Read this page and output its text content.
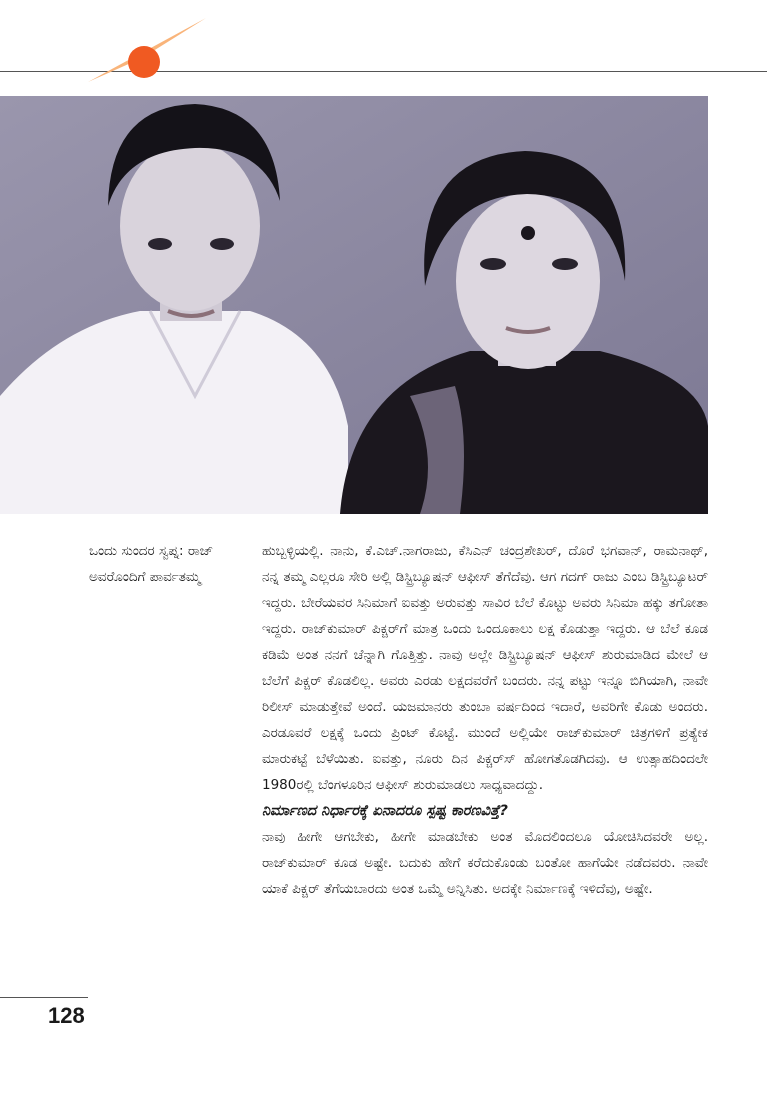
ಒಂದು ಸುಂದರ ಸ್ವಪ್ನ: ರಾಜ್ ಅವರೊಂದಿಗೆ ಪಾರ್ವತಮ್ಮ

ಹುಬ್ಬಳ್ಳಿಯಲ್ಲಿ. ನಾನು, ಕೆ.ಎಚ್.ನಾಗರಾಜು, ಕೆಸಿಎನ್ ಚಂದ್ರಶೇಖರ್, ದೊರೆ ಭಗವಾನ್, ರಾಮನಾಥ್, ನನ್ನ ತಮ್ಮ ಎಲ್ಲರೂ ಸೇರಿ ಅಲ್ಲಿ ಡಿಸ್ಟ್ರಿಬ್ಯೂಷನ್ ಆಫೀಸ್ ತೆಗೆದೆವು. ಆಗ ಗದಗ್ ರಾಜು ಎಂಬ ಡಿಸ್ಟ್ರಿಬ್ಯೂಟರ್ ಇದ್ದರು. ಬೇರೆಯವರ ಸಿನಿಮಾಗೆ ಐವತ್ತು ಅರುವತ್ತು ಸಾವಿರ ಬೆಲೆ ಕೊಟ್ಟು ಅವರು ಸಿನಿಮಾ ಹಕ್ಕು ತಗೋತಾ ಇದ್ದರು. ರಾಜ್‌ಕುಮಾರ್ ಪಿಕ್ಚರ್‌ಗೆ ಮಾತ್ರ ಒಂದು ಒಂದೂಕಾಲು ಲಕ್ಷ ಕೊಡುತ್ತಾ ಇದ್ದರು. ಆ ಬೆಲೆ ಕೂಡ ಕಡಿಮೆ ಅಂತ ನನಗೆ ಚೆನ್ನಾಗಿ ಗೊತ್ತಿತ್ತು. ನಾವು ಅಲ್ಲೇ ಡಿಸ್ಟ್ರಿಬ್ಯೂಷನ್ ಆಫೀಸ್ ಶುರುಮಾಡಿದ ಮೇಲೆ ಆ ಬೆಲೆಗೆ ಪಿಕ್ಚರ್ ಕೊಡಲಿಲ್ಲ. ಅವರು ಎರಡು ಲಕ್ಷದವರೆಗೆ ಬಂದರು. ನನ್ನ ಪಟ್ಟು ಇನ್ನೂ ಬಿಗಿಯಾಗಿ, ನಾವೇ ರಿಲೀಸ್ ಮಾಡುತ್ತೇವೆ ಅಂದೆ. ಯಜಮಾನರು ತುಂಬಾ ವರ್ಷದಿಂದ ಇದಾರೆ, ಅವರಿಗೇ ಕೊಡು ಅಂದರು. ಎರಡೂವರೆ ಲಕ್ಷಕ್ಕೆ ಒಂದು ಪ್ರಿಂಟ್ ಕೊಟ್ಟೆ. ಮುಂದೆ ಅಲ್ಲಿಯೇ ರಾಜ್‌ಕುಮಾರ್ ಚಿತ್ರಗಳಿಗೆ ಪ್ರತ್ಯೇಕ ಮಾರುಕಟ್ಟೆ ಬೆಳೆಯಿತು. ಐವತ್ತು, ನೂರು ದಿನ ಪಿಕ್ಚರ್‌ಸ್ ಹೋಗತೊಡಗಿದವು. ಆ ಉತ್ಸಾಹದಿಂದಲೇ 1980ರಲ್ಲಿ ಬೆಂಗಳೂರಿನ ಆಫೀಸ್ ಶುರುಮಾಡಲು ಸಾಧ್ಯವಾದದ್ದು.

ನಿರ್ಮಾಣದ ನಿರ್ಧಾರಕ್ಕೆ ಏನಾದರೂ ಸ್ಪಷ್ಟ ಕಾರಣವಿತ್ತೆ?

ನಾವು ಹೀಗೇ ಆಗಬೇಕು, ಹೀಗೇ ಮಾಡಬೇಕು ಅಂತ ಮೊದಲಿಂದಲೂ ಯೋಚಿಸಿದವರೇ ಅಲ್ಲ. ರಾಜ್‌ಕುಮಾರ್ ಕೂಡ ಅಷ್ಟೇ. ಬದುಕು ಹೇಗೆ ಕರೆದುಕೊಂಡು ಬಂತೋ ಹಾಗೆಯೇ ನಡೆದವರು. ನಾವೇ ಯಾಕೆ ಪಿಕ್ಚರ್ ತೆಗೆಯಬಾರದು ಅಂತ ಒಮ್ಮೆ ಅನ್ನಿಸಿತು. ಅದಕ್ಕೇ ನಿರ್ಮಾಣಕ್ಕೆ ಇಳಿದೆವು, ಅಷ್ಟೇ.

128
